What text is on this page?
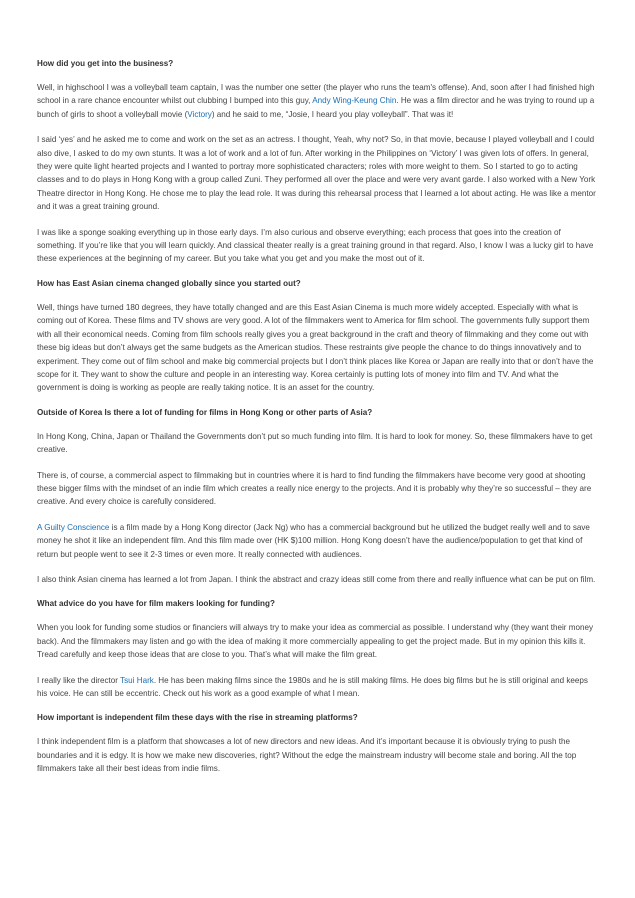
How did you get into the business?
Well, in highschool I was a volleyball team captain, I was the number one setter (the player who runs the team's offense). And, soon after I had finished high school in a rare chance encounter whilst out clubbing I bumped into this guy, Andy Wing-Keung Chin. He was a film director and he was trying to round up a bunch of girls to shoot a volleyball movie (Victory) and he said to me, “Josie, I heard you play volleyball”. That was it!
I said ‘yes’ and he asked me to come and work on the set as an actress. I thought, Yeah, why not? So, in that movie, because I played volleyball and I could also dive, I asked to do my own stunts. It was a lot of work and a lot of fun. After working in the Philippines on ‘Victory’ I was given lots of offers. In general, they were quite light hearted projects and I wanted to portray more sophisticated characters; roles with more weight to them. So I started to go to acting classes and to do plays in Hong Kong with a group called Zuni. They performed all over the place and were very avant garde. I also worked with a New York Theatre director in Hong Kong. He chose me to play the lead role. It was during this rehearsal process that I learned a lot about acting. He was like a mentor and it was a great training ground.
I was like a sponge soaking everything up in those early days. I’m also curious and observe everything; each process that goes into the creation of something. If you’re like that you will learn quickly. And classical theater really is a great training ground in that regard. Also, I know I was a lucky girl to have these experiences at the beginning of my career. But you take what you get and you make the most out of it.
How has East Asian cinema changed globally since you started out?
Well, things have turned 180 degrees, they have totally changed and are this East Asian Cinema is much more widely accepted. Especially with what is coming out of Korea. These films and TV shows are very good. A lot of the filmmakers went to America for film school. The governments fully support them with all their economical needs. Coming from film schools really gives you a great background in the craft and theory of filmmaking and they come out with these big ideas but don’t always get the same budgets as the American studios. These restraints give people the chance to do things innovatively and to experiment. They come out of film school and make big commercial projects but I don’t think places like Korea or Japan are really into that or don’t have the scope for it. They want to show the culture and people in an interesting way. Korea certainly is putting lots of money into film and TV. And what the government is doing is working as people are really taking notice. It is an asset for the country.
Outside of Korea Is there a lot of funding for films in Hong Kong or other parts of Asia?
In Hong Kong, China, Japan or Thailand the Governments don’t put so much funding into film. It is hard to look for money. So, these filmmakers have to get creative.
There is, of course, a commercial aspect to filmmaking but in countries where it is hard to find funding the filmmakers have become very good at shooting these bigger films with the mindset of an indie film which creates a really nice energy to the projects. And it is probably why they’re so successful – they are creative. And every choice is carefully considered.
A Guilty Conscience is a film made by a Hong Kong director (Jack Ng) who has a commercial background but he utilized the budget really well and to save money he shot it like an independent film. And this film made over (HK $)100 million. Hong Kong doesn’t have the audience/population to get that kind of return but people went to see it 2-3 times or even more. It really connected with audiences.
I also think Asian cinema has learned a lot from Japan. I think the abstract and crazy ideas still come from there and really influence what can be put on film.
What advice do you have for film makers looking for funding?
When you look for funding some studios or financiers will always try to make your idea as commercial as possible. I understand why (they want their money back). And the filmmakers may listen and go with the idea of making it more commercially appealing to get the project made. But in my opinion this kills it. Tread carefully and keep those ideas that are close to you. That’s what will make the film great.
I really like the director Tsui Hark. He has been making films since the 1980s and he is still making films. He does big films but he is still original and keeps his voice. He can still be eccentric. Check out his work as a good example of what I mean.
How important is independent film these days with the rise in streaming platforms?
I think independent film is a platform that showcases a lot of new directors and new ideas. And it’s important because it is obviously trying to push the boundaries and it is edgy. It is how we make new discoveries, right? Without the edge the mainstream industry will become stale and boring. All the top filmmakers take all their best ideas from indie films.
